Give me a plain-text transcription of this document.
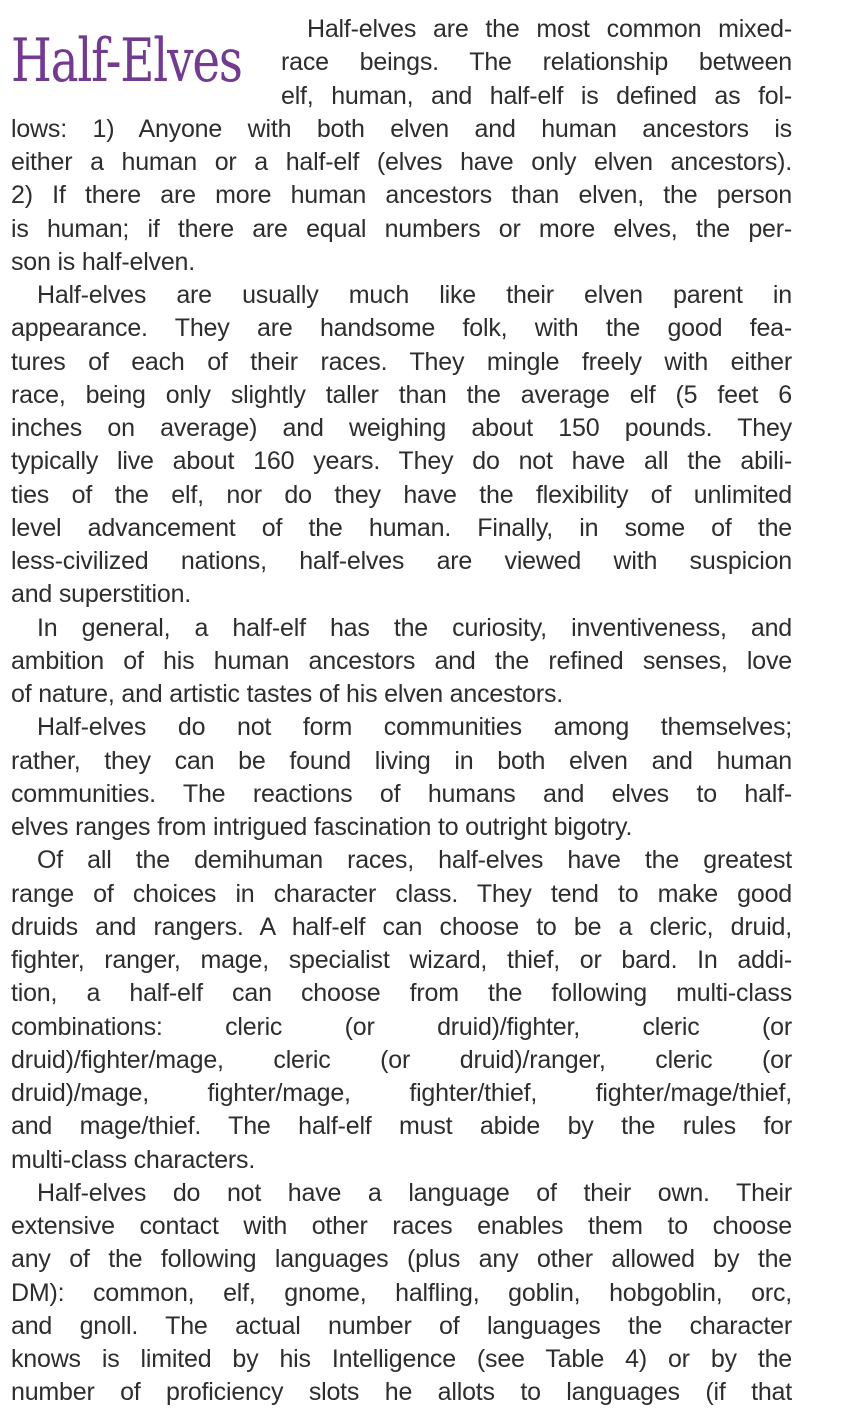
Half-Elves	Half-elves are the most common mixed-
race beings. The relationship between
elf, human, and half-elf is defined as fol-
lows: 1) Anyone with both elven and human ancestors is
either a human or a half-elf (elves have only elven ancestors).
2) If there are more human ancestors than elven, the person
is human; if there are equal numbers or more elves, the per-
son is half-elven.
Half-elves are usually much like their elven parent in
appearance. They are handsome folk, with the good fea-
tures of each of their races. They mingle freely with either
race, being only slightly taller than the average elf (5 feet 6
inches on average) and weighing about 150 pounds. They
typically live about 160 years. They do not have all the abili-
ties of the elf, nor do they have the flexibility of unlimited
level advancement of the human. Finally, in some of the
less-civilized nations, half-elves are viewed with suspicion
and superstition.
In general, a half-elf has the curiosity, inventiveness, and
ambition of his human ancestors and the refined senses, love
of nature, and artistic tastes of his elven ancestors.
Half-elves do not form communities among themselves;
rather, they can be found living in both elven and human
communities. The reactions of humans and elves to half-
elves ranges from intrigued fascination to outright bigotry.
Of all the demihuman races, half-elves have the greatest
range of choices in character class. They tend to make good
druids and rangers. A half-elf can choose to be a cleric, druid,
fighter, ranger, mage, specialist wizard, thief, or bard. In addi-
tion, a half-elf can choose from the following multi-class
combinations: cleric (or druid)/fighter, cleric (or
druid)/fighter/mage, cleric (or druid)/ranger, cleric (or
druid)/mage, fighter/mage, fighter/thief, fighter/mage/thief,
and mage/thief. The half-elf must abide by the rules for
multi-class characters.
Half-elves do not have a language of their own. Their
extensive contact with other races enables them to choose
any of the following languages (plus any other allowed by the
DM): common, elf, gnome, halfling, goblin, hobgoblin, orc,
and gnoll. The actual number of languages the character
knows is limited by his Intelligence (see Table 4) or by the
number of proficiency slots he allots to languages (if that
